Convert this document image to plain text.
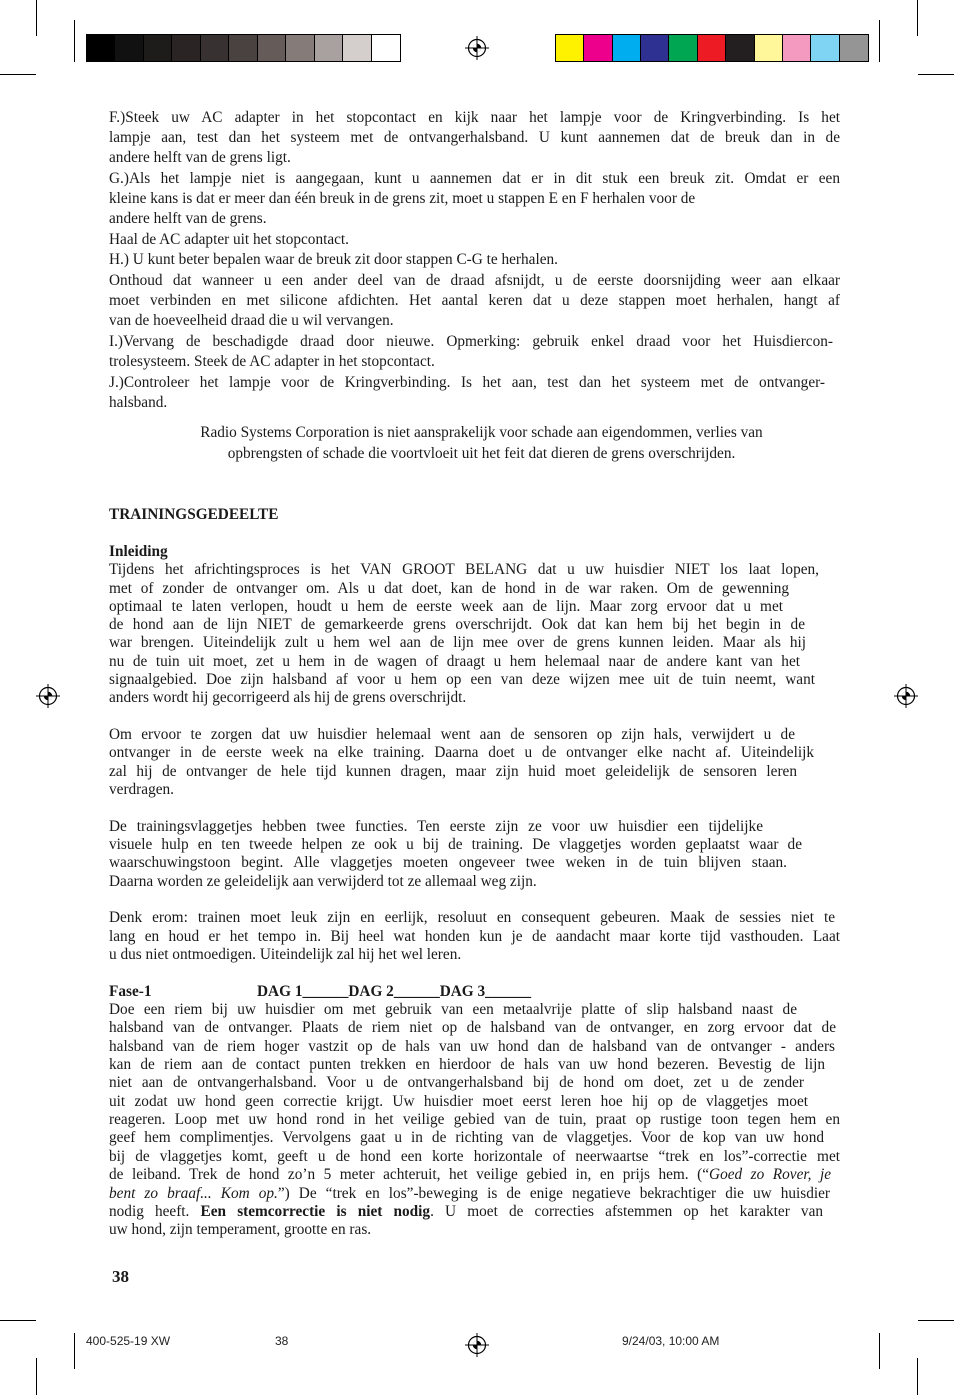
F.)Steek uw AC adapter in het stopcontact en kijk naar het lampje voor de Kringverbinding. Is het
lampje aan, test dan het systeem met de ontvangerhalsband. U kunt aannemen dat de breuk dan in de
andere helft van de grens ligt.
G.)Als het lampje niet is aangegaan, kunt u aannemen dat er in dit stuk een breuk zit. Omdat er een
kleine kans is dat er meer dan één breuk in de grens zit, moet u stappen E en F herhalen voor de
andere helft van de grens.
Haal de AC adapter uit het stopcontact.
H.) U kunt beter bepalen waar de breuk zit door stappen C-G te herhalen.
Onthoud dat wanneer u een ander deel van de draad afsnijdt, u de eerste doorsnijding weer aan elkaar
moet verbinden en met silicone afdichten. Het aantal keren dat u deze stappen moet herhalen, hangt af
van de hoeveelheid draad die u wil vervangen.
I.)Vervang de beschadigde draad door nieuwe. Opmerking: gebruik enkel draad voor het Huisdiercon-
trolesysteem. Steek de AC adapter in het stopcontact.
J.)Controleer het lampje voor de Kringverbinding. Is het aan, test dan het systeem met de ontvanger-
halsband.
Radio Systems Corporation is niet aansprakelijk voor schade aan eigendommen, verlies van
opbrengsten of schade die voortvloeit uit het feit dat dieren de grens overschrijden.
TRAININGSGEDEELTE
Inleiding
Tijdens het africhtingsproces is het VAN GROOT BELANG dat u uw huisdier NIET los laat lopen,
met of zonder de ontvanger om. Als u dat doet, kan de hond in de war raken. Om de gewenning
optimaal te laten verlopen, houdt u hem de eerste week aan de lijn. Maar zorg ervoor dat u met
de hond aan de lijn NIET de gemarkeerde grens overschrijdt. Ook dat kan hem bij het begin in de
war brengen. Uiteindelijk zult u hem wel aan de lijn mee over de grens kunnen leiden. Maar als hij
nu de tuin uit moet, zet u hem in de wagen of draagt u hem helemaal naar de andere kant van het
signaalgebied. Doe zijn halsband af voor u hem op een van deze wijzen mee uit de tuin neemt, want
anders wordt hij gecorrigeerd als hij de grens overschrijdt.
Om ervoor te zorgen dat uw huisdier helemaal went aan de sensoren op zijn hals, verwijdert u de
ontvanger in de eerste week na elke training. Daarna doet u de ontvanger elke nacht af. Uiteindelijk
zal hij de ontvanger de hele tijd kunnen dragen, maar zijn huid moet geleidelijk de sensoren leren
verdragen.
De trainingsvlaggetjes hebben twee functies. Ten eerste zijn ze voor uw huisdier een tijdelijke
visuele hulp en ten tweede helpen ze ook u bij de training. De vlaggetjes worden geplaatst waar de
waarschuwingstoon begint. Alle vlaggetjes moeten ongeveer twee weken in de tuin blijven staan.
Daarna worden ze geleidelijk aan verwijderd tot ze allemaal weg zijn.
Denk erom: trainen moet leuk zijn en eerlijk, resoluut en consequent gebeuren. Maak de sessies niet te
lang en houd er het tempo in. Bij heel wat honden kun je de aandacht maar korte tijd vasthouden. Laat
u dus niet ontmoedigen. Uiteindelijk zal hij het wel leren.
Fase-1	DAG 1______DAG 2______DAG 3______
Doe een riem bij uw huisdier om met gebruik van een metaalvrije platte of slip halsband naast de
halsband van de ontvanger. Plaats de riem niet op de halsband van de ontvanger, en zorg ervoor dat de
halsband van de riem hoger vastzit op de hals van uw hond dan de halsband van de ontvanger - anders
kan de riem aan de contact punten trekken en hierdoor de hals van uw hond bezeren. Bevestig de lijn
niet aan de ontvangerhalsband. Voor u de ontvangerhalsband bij de hond om doet, zet u de zender
uit zodat uw hond geen correctie krijgt. Uw huisdier moet eerst leren hoe hij op de vlaggetjes moet
reageren. Loop met uw hond rond in het veilige gebied van de tuin, praat op rustige toon tegen hem en
geef hem complimentjes. Vervolgens gaat u in de richting van de vlaggetjes. Voor de kop van uw hond
bij de vlaggetjes komt, geeft u de hond een korte horizontale of neerwaartse “trek en los”-correctie met
de leiband. Trek de hond zo’n 5 meter achteruit, het veilige gebied in, en prijs hem. (“Goed zo Rover, je
bent zo braaf... Kom op.”) De “trek en los”-beweging is de enige negatieve bekrachtiger die uw huisdier
nodig heeft. Een stemcorrectie is niet nodig. U moet de correcties afstemmen op het karakter van
uw hond, zijn temperament, grootte en ras.
38
400-525-19 XW	38	9/24/03, 10:00 AM
